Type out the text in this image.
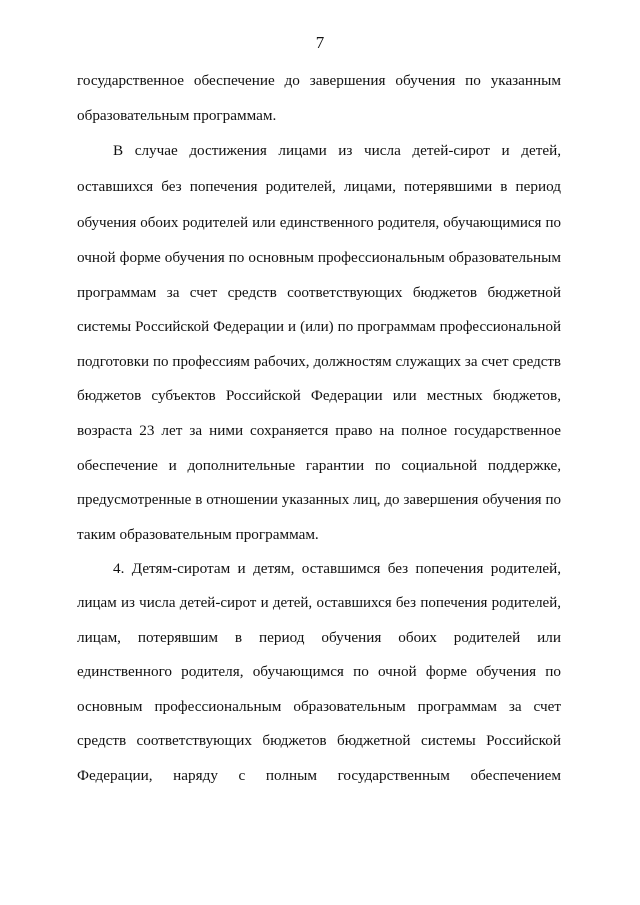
7
государственное обеспечение до завершения обучения по указанным
образовательным программам.
В случае достижения лицами из числа детей-сирот и детей,
оставшихся без попечения родителей, лицами, потерявшими в период
обучения обоих родителей или единственного родителя, обучающимися по
очной форме обучения по основным профессиональным образовательным
программам за счет средств соответствующих бюджетов бюджетной
системы Российской Федерации и (или) по программам профессиональной
подготовки по профессиям рабочих, должностям служащих за счет средств
бюджетов субъектов Российской Федерации или местных бюджетов,
возраста 23 лет за ними сохраняется право на полное государственное
обеспечение и дополнительные гарантии по социальной поддержке,
предусмотренные в отношении указанных лиц, до завершения обучения по
таким образовательным программам.
4. Детям-сиротам и детям, оставшимся без попечения родителей,
лицам из числа детей-сирот и детей, оставшихся без попечения родителей,
лицам, потерявшим в период обучения обоих родителей или
единственного родителя, обучающимся по очной форме обучения по
основным профессиональным образовательным программам за счет
средств соответствующих бюджетов бюджетной системы Российской
Федерации, наряду с полным государственным обеспечением
